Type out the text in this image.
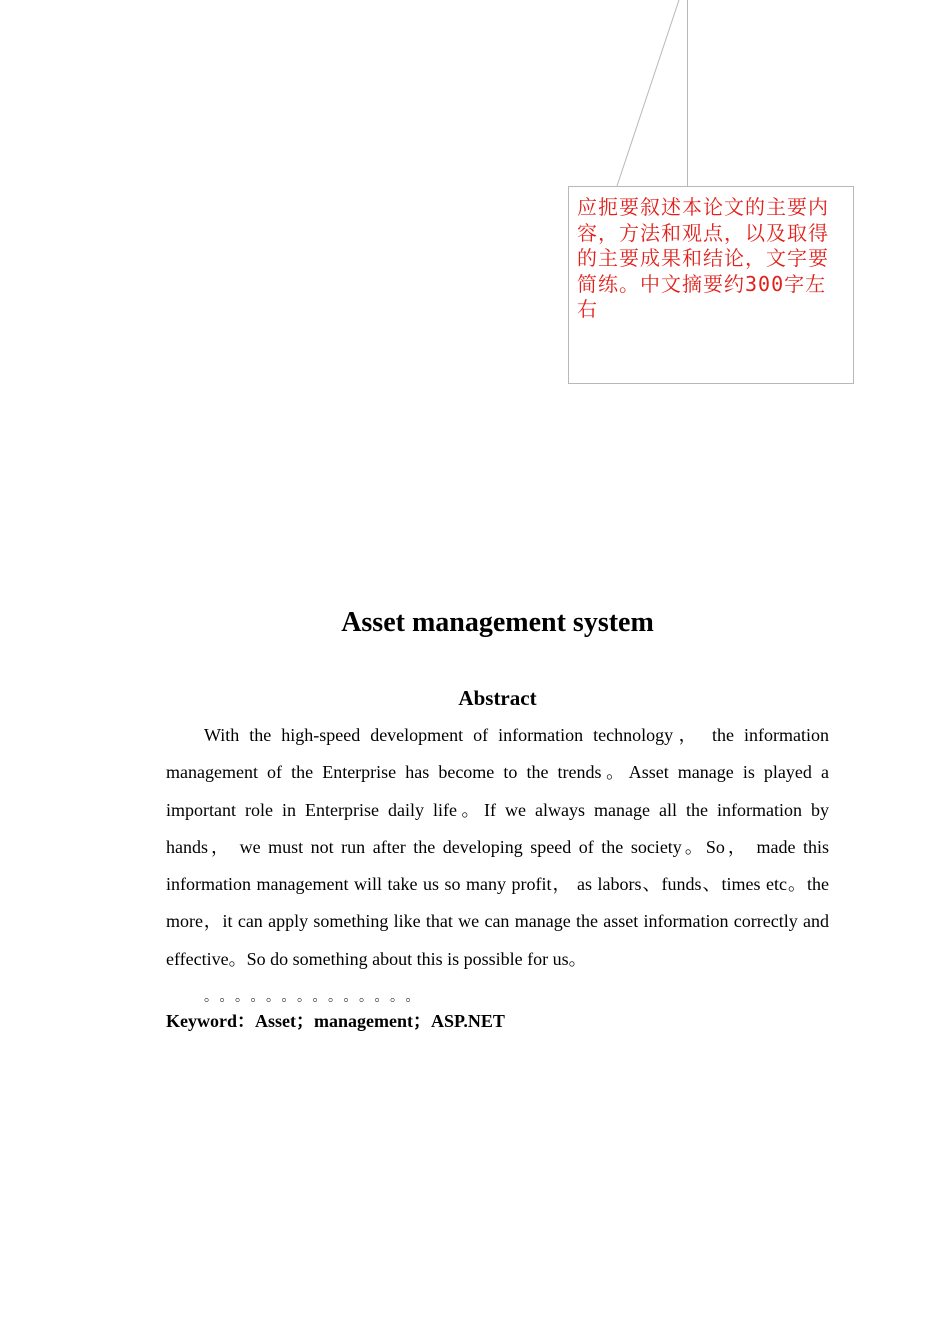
应扼要叙述本论文的主要内容，方法和观点，以及取得的主要成果和结论，文字要简练。中文摘要约300字左右
Asset management system
Abstract

With the high-speed development of information technology， the information management of the Enterprise has become to the trends。Asset manage is played a important role in Enterprise daily life。If we always manage all the information by hands， we must not run after the developing speed of the society。So， made this information management will take us so many profit， as labors、funds、times etc。the more，it can apply something like that we can manage the asset information correctly and effective。So do something about this is possible for us。

。。。。。。。。。。。。。。
Keyword：Asset；management；ASP.NET
